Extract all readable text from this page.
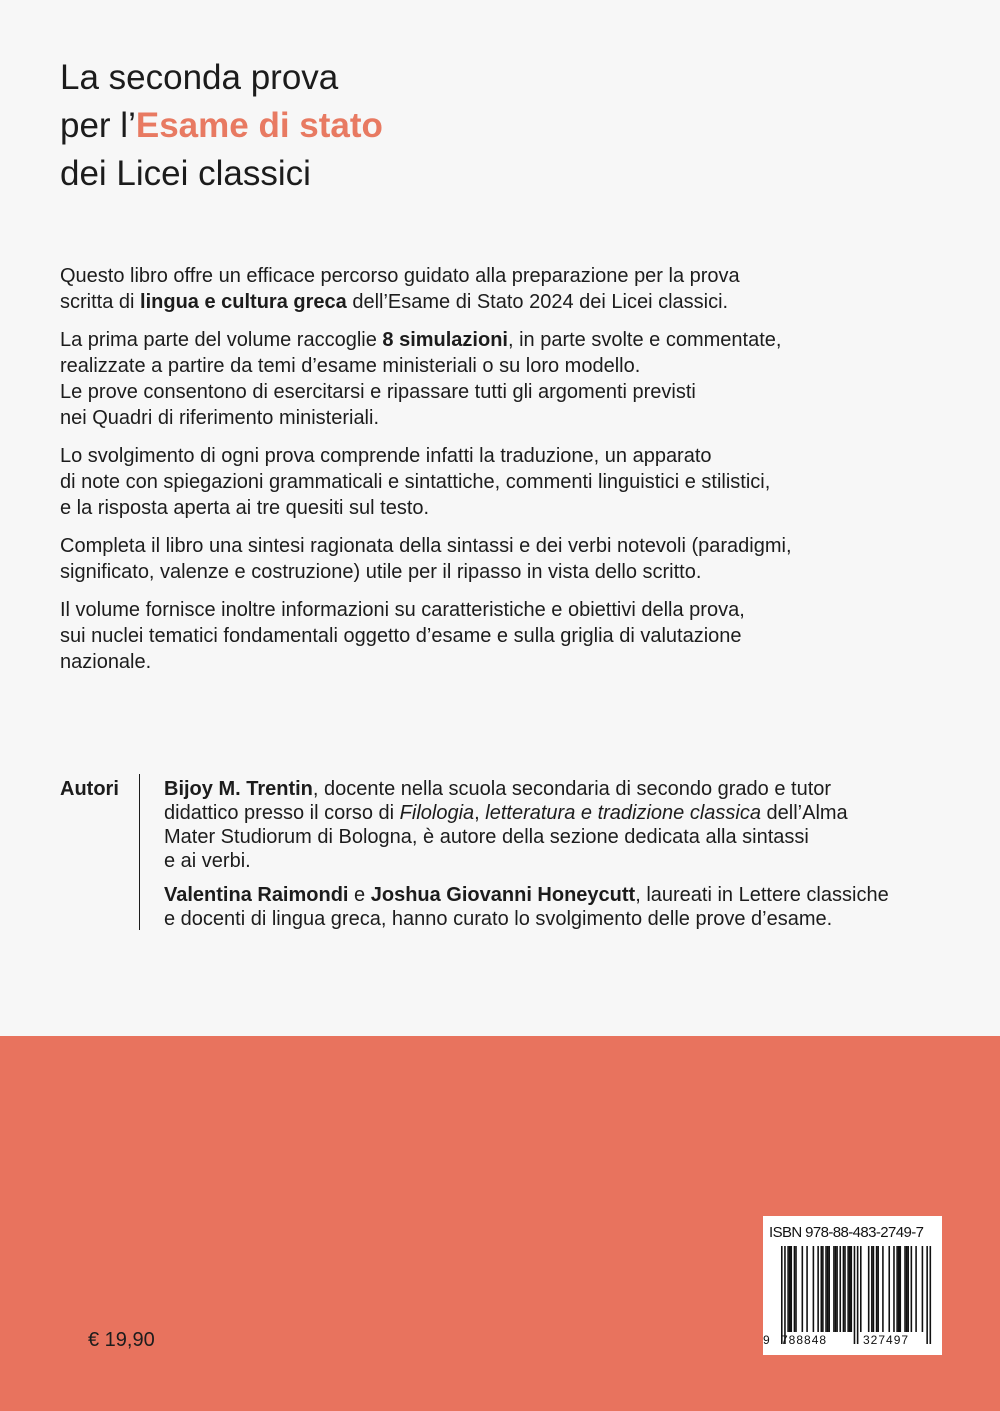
La seconda prova
per l’Esame di stato
dei Licei classici

Questo libro offre un efficace percorso guidato alla preparazione per la prova
scritta di lingua e cultura greca dell’Esame di Stato 2024 dei Licei classici.

La prima parte del volume raccoglie 8 simulazioni, in parte svolte e commentate,
realizzate a partire da temi d’esame ministeriali o su loro modello.
Le prove consentono di esercitarsi e ripassare tutti gli argomenti previsti
nei Quadri di riferimento ministeriali.

Lo svolgimento di ogni prova comprende infatti la traduzione, un apparato
di note con spiegazioni grammaticali e sintattiche, commenti linguistici e stilistici,
e la risposta aperta ai tre quesiti sul testo.

Completa il libro una sintesi ragionata della sintassi e dei verbi notevoli (paradigmi,
significato, valenze e costruzione) utile per il ripasso in vista dello scritto.

Il volume fornisce inoltre informazioni su caratteristiche e obiettivi della prova,
sui nuclei tematici fondamentali oggetto d’esame e sulla griglia di valutazione
nazionale.

Autori Bijoy M. Trentin, docente nella scuola secondaria di secondo grado e tutor
didattico presso il corso di Filologia, letteratura e tradizione classica dell’Alma
Mater Studiorum di Bologna, è autore della sezione dedicata alla sintassi
e ai verbi.

Valentina Raimondi e Joshua Giovanni Honeycutt, laureati in Lettere classiche
e docenti di lingua greca, hanno curato lo svolgimento delle prove d’esame.

€ 19,90
ISBN 978-88-483-2749-7
9 788848	327497
